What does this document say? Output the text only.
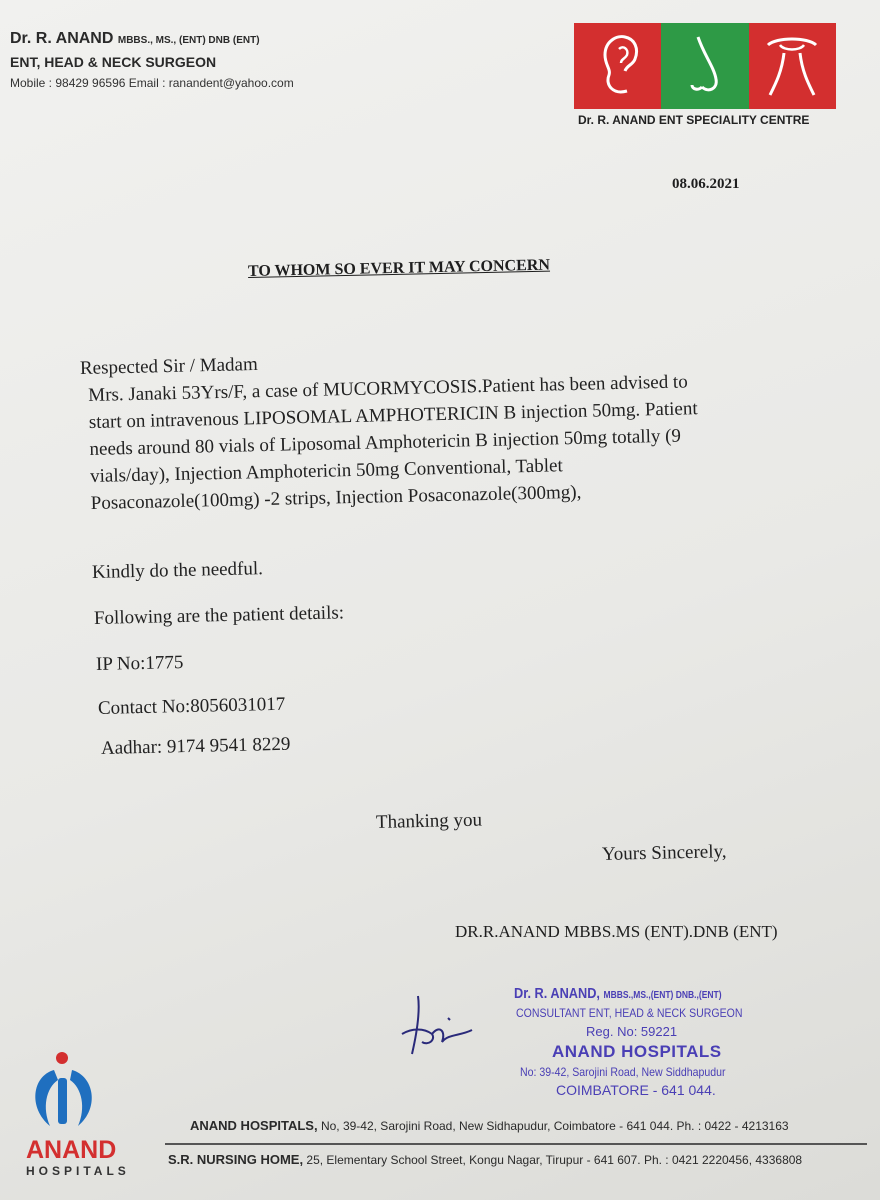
Dr. R. ANAND MBBS., MS., (ENT) DNB (ENT)
ENT, HEAD & NECK SURGEON
Mobile : 98429 96596 Email : ranandent@yahoo.com
Dr. R. ANAND ENT SPECIALITY CENTRE
08.06.2021
TO WHOM SO EVER IT MAY CONCERN
Respected Sir / Madam
Mrs. Janaki 53Yrs/F, a case of MUCORMYCOSIS.Patient has been advised to
start on intravenous LIPOSOMAL AMPHOTERICIN B injection 50mg. Patient
needs around 80 vials of Liposomal Amphotericin B injection 50mg totally (9
vials/day), Injection Amphotericin 50mg Conventional, Tablet
Posaconazole(100mg) -2 strips, Injection Posaconazole(300mg),
Kindly do the needful.
Following are the patient details:
IP No:1775
Contact No:8056031017
Aadhar: 9174 9541 8229
Thanking you
Yours Sincerely,
DR.R.ANAND MBBS.MS (ENT).DNB (ENT)
Dr. R. ANAND, MBBS.,MS.,(ENT) DNB.,(ENT)
CONSULTANT ENT, HEAD & NECK SURGEON
Reg. No: 59221
ANAND HOSPITALS
No: 39-42, Sarojini Road, New Siddhapudur
COIMBATORE - 641 044.
ANAND
HOSPITALS
ANAND HOSPITALS, No, 39-42, Sarojini Road, New Sidhapudur, Coimbatore - 641 044. Ph. : 0422 - 4213163
S.R. NURSING HOME, 25, Elementary School Street, Kongu Nagar, Tirupur - 641 607. Ph. : 0421 2220456, 4336808
